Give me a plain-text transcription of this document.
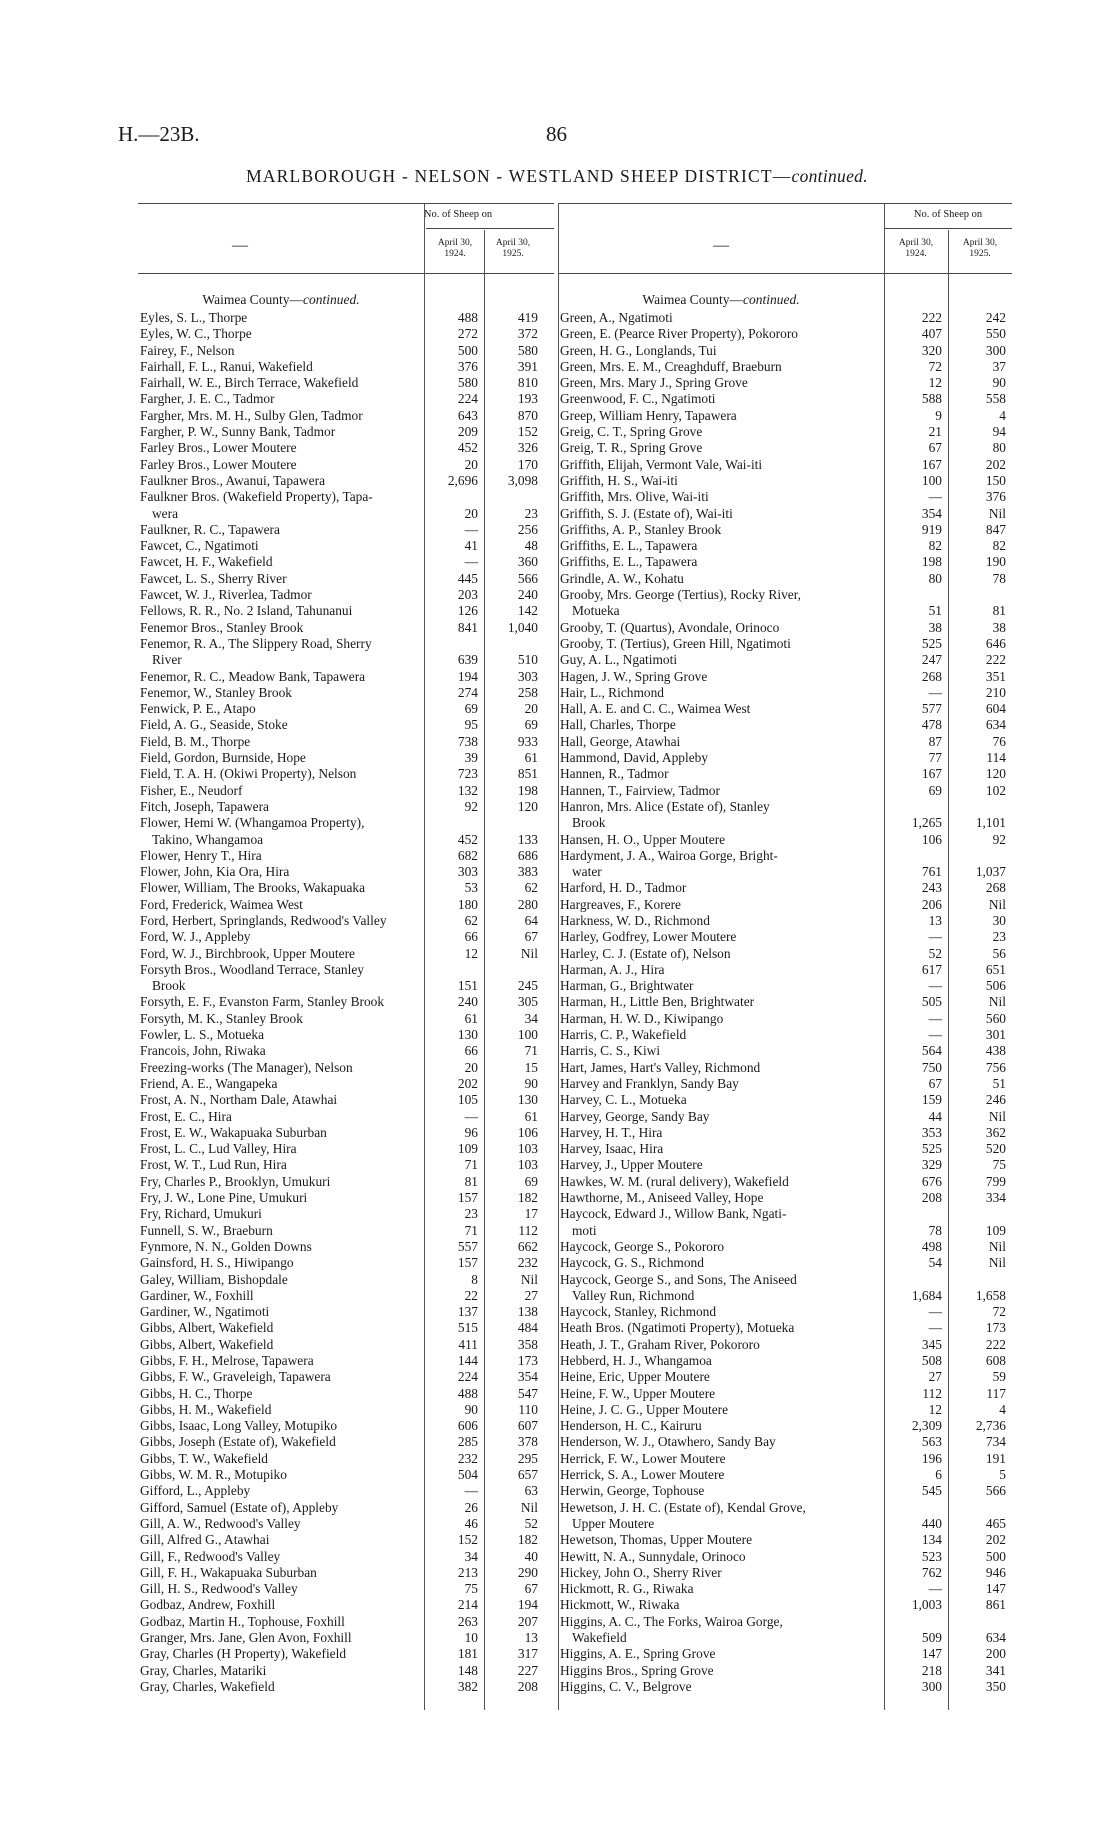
H.—23B.	86
MARLBOROUGH - NELSON - WESTLAND SHEEP DISTRICT—continued.
—
No. of Sheep on
April 30,
1924.
April 30,
1925.
Waimea County—continued.
Eyles, S. L., Thorpe	488	419
Eyles, W. C., Thorpe	272	372
Fairey, F., Nelson	500	580
Fairhall, F. L., Ranui, Wakefield	376	391
Fairhall, W. E., Birch Terrace, Wakefield	580	810
Fargher, J. E. C., Tadmor	224	193
Fargher, Mrs. M. H., Sulby Glen, Tadmor	643	870
Fargher, P. W., Sunny Bank, Tadmor	209	152
Farley Bros., Lower Moutere	452	326
Farley Bros., Lower Moutere	20	170
Faulkner Bros., Awanui, Tapawera	2,696	3,098
Faulkner Bros. (Wakefield Property), Tapa-
wera	20	23
Faulkner, R. C., Tapawera	—	256
Fawcet, C., Ngatimoti	41	48
Fawcet, H. F., Wakefield	—	360
Fawcet, L. S., Sherry River	445	566
Fawcet, W. J., Riverlea, Tadmor	203	240
Fellows, R. R., No. 2 Island, Tahunanui	126	142
Fenemor Bros., Stanley Brook	841	1,040
Fenemor, R. A., The Slippery Road, Sherry
River	639	510
Fenemor, R. C., Meadow Bank, Tapawera	194	303
Fenemor, W., Stanley Brook	274	258
Fenwick, P. E., Atapo	69	20
Field, A. G., Seaside, Stoke	95	69
Field, B. M., Thorpe	738	933
Field, Gordon, Burnside, Hope	39	61
Field, T. A. H. (Okiwi Property), Nelson	723	851
Fisher, E., Neudorf	132	198
Fitch, Joseph, Tapawera	92	120
Flower, Hemi W. (Whangamoa Property),
Takino, Whangamoa	452	133
Flower, Henry T., Hira	682	686
Flower, John, Kia Ora, Hira	303	383
Flower, William, The Brooks, Wakapuaka	53	62
Ford, Frederick, Waimea West	180	280
Ford, Herbert, Springlands, Redwood's Valley	62	64
Ford, W. J., Appleby	66	67
Ford, W. J., Birchbrook, Upper Moutere	12	Nil
Forsyth Bros., Woodland Terrace, Stanley
Brook	151	245
Forsyth, E. F., Evanston Farm, Stanley Brook	240	305
Forsyth, M. K., Stanley Brook	61	34
Fowler, L. S., Motueka	130	100
Francois, John, Riwaka	66	71
Freezing-works (The Manager), Nelson	20	15
Friend, A. E., Wangapeka	202	90
Frost, A. N., Northam Dale, Atawhai	105	130
Frost, E. C., Hira	—	61
Frost, E. W., Wakapuaka Suburban	96	106
Frost, L. C., Lud Valley, Hira	109	103
Frost, W. T., Lud Run, Hira	71	103
Fry, Charles P., Brooklyn, Umukuri	81	69
Fry, J. W., Lone Pine, Umukuri	157	182
Fry, Richard, Umukuri	23	17
Funnell, S. W., Braeburn	71	112
Fynmore, N. N., Golden Downs	557	662
Gainsford, H. S., Hiwipango	157	232
Galey, William, Bishopdale	8	Nil
Gardiner, W., Foxhill	22	27
Gardiner, W., Ngatimoti	137	138
Gibbs, Albert, Wakefield	515	484
Gibbs, Albert, Wakefield	411	358
Gibbs, F. H., Melrose, Tapawera	144	173
Gibbs, F. W., Graveleigh, Tapawera	224	354
Gibbs, H. C., Thorpe	488	547
Gibbs, H. M., Wakefield	90	110
Gibbs, Isaac, Long Valley, Motupiko	606	607
Gibbs, Joseph (Estate of), Wakefield	285	378
Gibbs, T. W., Wakefield	232	295
Gibbs, W. M. R., Motupiko	504	657
Gifford, L., Appleby	—	63
Gifford, Samuel (Estate of), Appleby	26	Nil
Gill, A. W., Redwood's Valley	46	52
Gill, Alfred G., Atawhai	152	182
Gill, F., Redwood's Valley	34	40
Gill, F. H., Wakapuaka Suburban	213	290
Gill, H. S., Redwood's Valley	75	67
Godbaz, Andrew, Foxhill	214	194
Godbaz, Martin H., Tophouse, Foxhill	263	207
Granger, Mrs. Jane, Glen Avon, Foxhill	10	13
Gray, Charles (H Property), Wakefield	181	317
Gray, Charles, Matariki	148	227
Gray, Charles, Wakefield	382	208
—
No. of Sheep on
April 30,
1924.
April 30,
1925.
Waimea County—continued.
Green, A., Ngatimoti	222	242
Green, E. (Pearce River Property), Pokororo	407	550
Green, H. G., Longlands, Tui	320	300
Green, Mrs. E. M., Creaghduff, Braeburn	72	37
Green, Mrs. Mary J., Spring Grove	12	90
Greenwood, F. C., Ngatimoti	588	558
Greep, William Henry, Tapawera	9	4
Greig, C. T., Spring Grove	21	94
Greig, T. R., Spring Grove	67	80
Griffith, Elijah, Vermont Vale, Wai-iti	167	202
Griffith, H. S., Wai-iti	100	150
Griffith, Mrs. Olive, Wai-iti	—	376
Griffith, S. J. (Estate of), Wai-iti	354	Nil
Griffiths, A. P., Stanley Brook	919	847
Griffiths, E. L., Tapawera	82	82
Griffiths, E. L., Tapawera	198	190
Grindle, A. W., Kohatu	80	78
Grooby, Mrs. George (Tertius), Rocky River,
Motueka	51	81
Grooby, T. (Quartus), Avondale, Orinoco	38	38
Grooby, T. (Tertius), Green Hill, Ngatimoti	525	646
Guy, A. L., Ngatimoti	247	222
Hagen, J. W., Spring Grove	268	351
Hair, L., Richmond	—	210
Hall, A. E. and C. C., Waimea West	577	604
Hall, Charles, Thorpe	478	634
Hall, George, Atawhai	87	76
Hammond, David, Appleby	77	114
Hannen, R., Tadmor	167	120
Hannen, T., Fairview, Tadmor	69	102
Hanron, Mrs. Alice (Estate of), Stanley
Brook	1,265	1,101
Hansen, H. O., Upper Moutere	106	92
Hardyment, J. A., Wairoa Gorge, Bright-
water	761	1,037
Harford, H. D., Tadmor	243	268
Hargreaves, F., Korere	206	Nil
Harkness, W. D., Richmond	13	30
Harley, Godfrey, Lower Moutere	—	23
Harley, C. J. (Estate of), Nelson	52	56
Harman, A. J., Hira	617	651
Harman, G., Brightwater	—	506
Harman, H., Little Ben, Brightwater	505	Nil
Harman, H. W. D., Kiwipango	—	560
Harris, C. P., Wakefield	—	301
Harris, C. S., Kiwi	564	438
Hart, James, Hart's Valley, Richmond	750	756
Harvey and Franklyn, Sandy Bay	67	51
Harvey, C. L., Motueka	159	246
Harvey, George, Sandy Bay	44	Nil
Harvey, H. T., Hira	353	362
Harvey, Isaac, Hira	525	520
Harvey, J., Upper Moutere	329	75
Hawkes, W. M. (rural delivery), Wakefield	676	799
Hawthorne, M., Aniseed Valley, Hope	208	334
Haycock, Edward J., Willow Bank, Ngati-
moti	78	109
Haycock, George S., Pokororo	498	Nil
Haycock, G. S., Richmond	54	Nil
Haycock, George S., and Sons, The Aniseed
Valley Run, Richmond	1,684	1,658
Haycock, Stanley, Richmond	—	72
Heath Bros. (Ngatimoti Property), Motueka	—	173
Heath, J. T., Graham River, Pokororo	345	222
Hebberd, H. J., Whangamoa	508	608
Heine, Eric, Upper Moutere	27	59
Heine, F. W., Upper Moutere	112	117
Heine, J. C. G., Upper Moutere	12	4
Henderson, H. C., Kairuru	2,309	2,736
Henderson, W. J., Otawhero, Sandy Bay	563	734
Herrick, F. W., Lower Moutere	196	191
Herrick, S. A., Lower Moutere	6	5
Herwin, George, Tophouse	545	566
Hewetson, J. H. C. (Estate of), Kendal Grove,
Upper Moutere	440	465
Hewetson, Thomas, Upper Moutere	134	202
Hewitt, N. A., Sunnydale, Orinoco	523	500
Hickey, John O., Sherry River	762	946
Hickmott, R. G., Riwaka	—	147
Hickmott, W., Riwaka	1,003	861
Higgins, A. C., The Forks, Wairoa Gorge,
Wakefield	509	634
Higgins, A. E., Spring Grove	147	200
Higgins Bros., Spring Grove	218	341
Higgins, C. V., Belgrove	300	350
